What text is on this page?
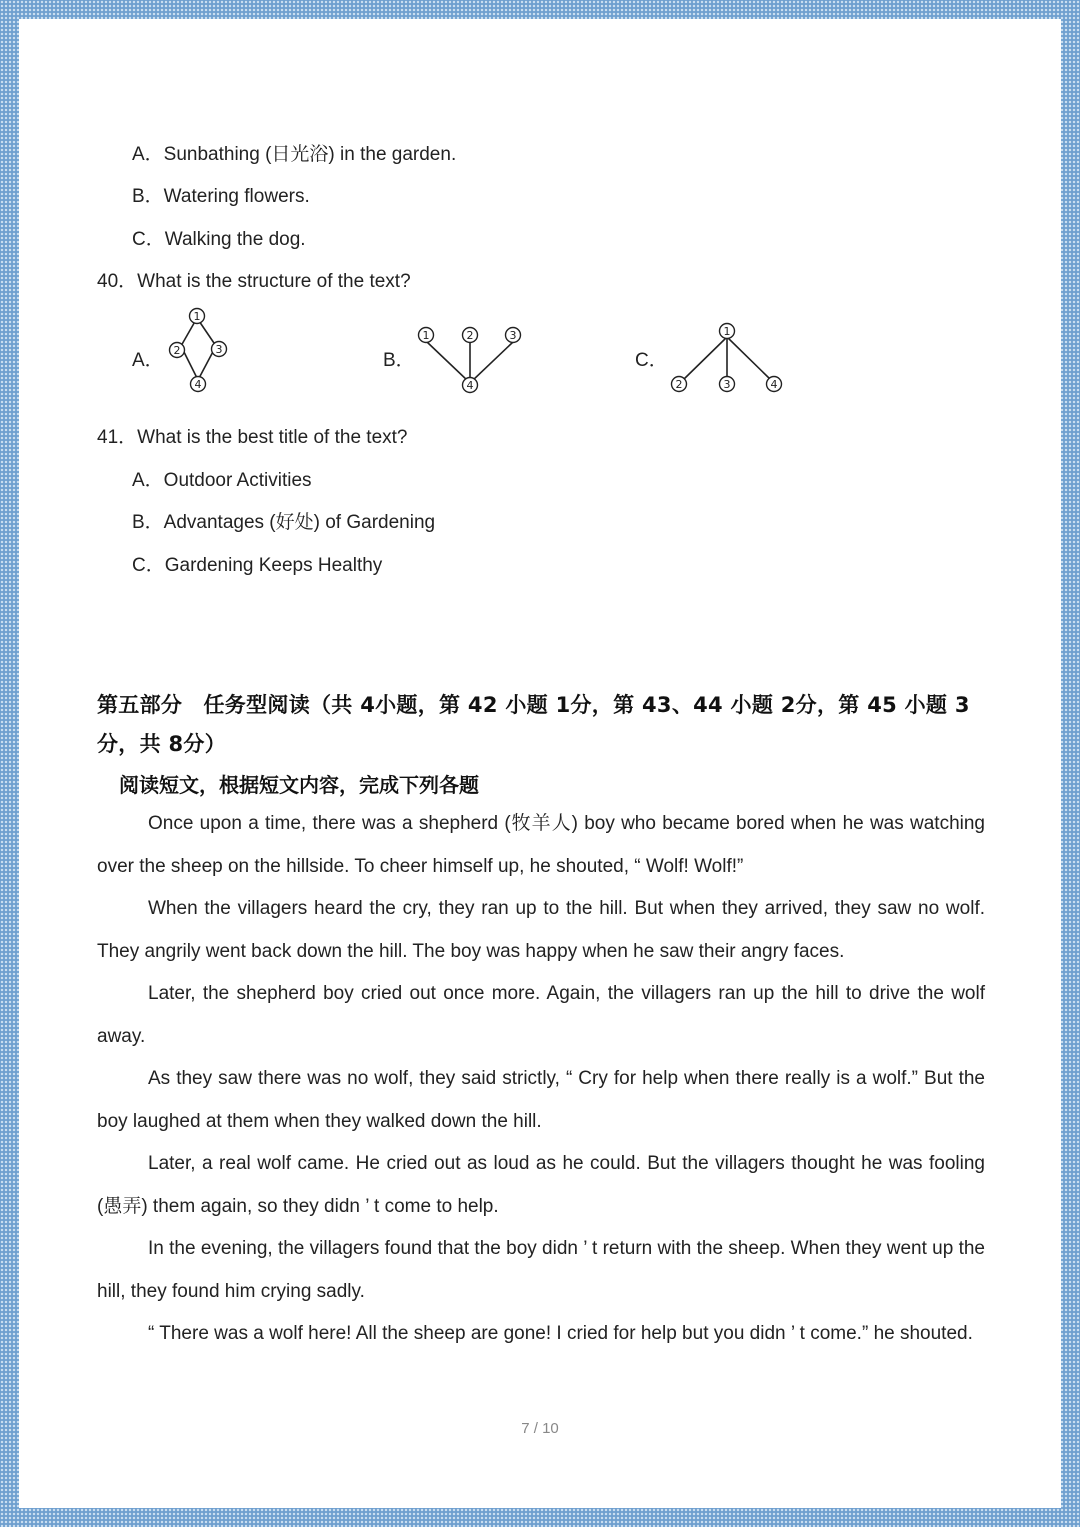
A．Sunbathing (日光浴) in the garden.
B．Watering flowers.
C．Walking the dog.
40．What is the structure of the text?
A．
1
2	3
4
B．
1	2	3
4
C．
1
2	3	4
41．What is the best title of the text?
A．Outdoor Activities
B．Advantages (好处) of Gardening
C．Gardening Keeps Healthy
第五部分　任务型阅读（共 4小题，第 42 小题 1分，第 43、44 小题 2分，第 45 小题 3分，共 8分）
阅读短文，根据短文内容，完成下列各题

Once upon a time, there was a shepherd (牧羊人) boy who became bored when he was watching over the sheep on the hillside. To cheer himself up, he shouted, “ Wolf! Wolf!”

When the villagers heard the cry, they ran up to the hill. But when they arrived, they saw no wolf. They angrily went back down the hill. The boy was happy when he saw their angry faces.

Later, the shepherd boy cried out once more. Again, the villagers ran up the hill to drive the wolf away.

As they saw there was no wolf, they said strictly, “ Cry for help when there really is a wolf.” But the boy laughed at them when they walked down the hill.

Later, a real wolf came. He cried out as loud as he could. But the villagers thought he was fooling (愚弄) them again, so they didn ’ t come to help.

In the evening, the villagers found that the boy didn ’ t return with the sheep. When they went up the hill, they found him crying sadly.

“ There was a wolf here! All the sheep are gone! I cried for help but you didn ’ t come.” he shouted.

7 / 10
